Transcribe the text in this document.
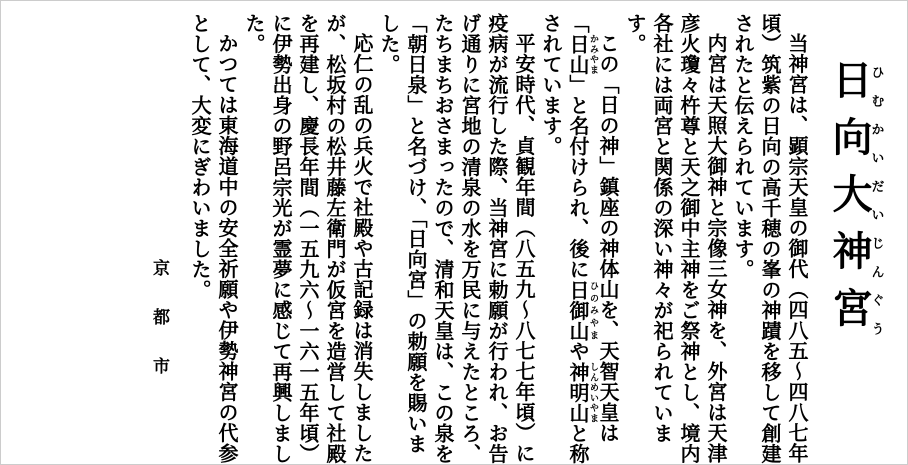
日向大神宮ひむかいだいじんぐう

当神宮は、顕宗天皇の御代（四八五〜四八七年頃）筑紫の日向の高千穂の峯の神蹟を移して創建されたと伝えられています。

内宮は天照大御神と宗像三女神を、外宮は天津彦火瓊々杵尊と天之御中主神をご祭神とし、境内各社には両宮と関係の深い神々が祀られています。

この「日の神」鎮座の神体山を、天智天皇は「日山かみやま」と名付けられ、後に日御山ひのみやまや神明山しんめいやまと称されています。

平安時代、貞観年間（八五九〜八七七年頃）に疫病が流行した際、当神宮に勅願が行われ、お告げ通りに宮地の清泉の水を万民に与えたところ、たちまちおさまったので、清和天皇は、この泉を「朝日泉」と名づけ、「日向宮」の勅願を賜いました。

応仁の乱の兵火で社殿や古記録は消失しましたが、松坂村の松井藤左衛門が仮宮を造営して社殿を再建し、慶長年間（一五九六〜一六一五年頃）に伊勢出身の野呂宗光が霊夢に感じて再興しました。

かつては東海道中の安全祈願や伊勢神宮の代参として、大変にぎわいました。

京都市
